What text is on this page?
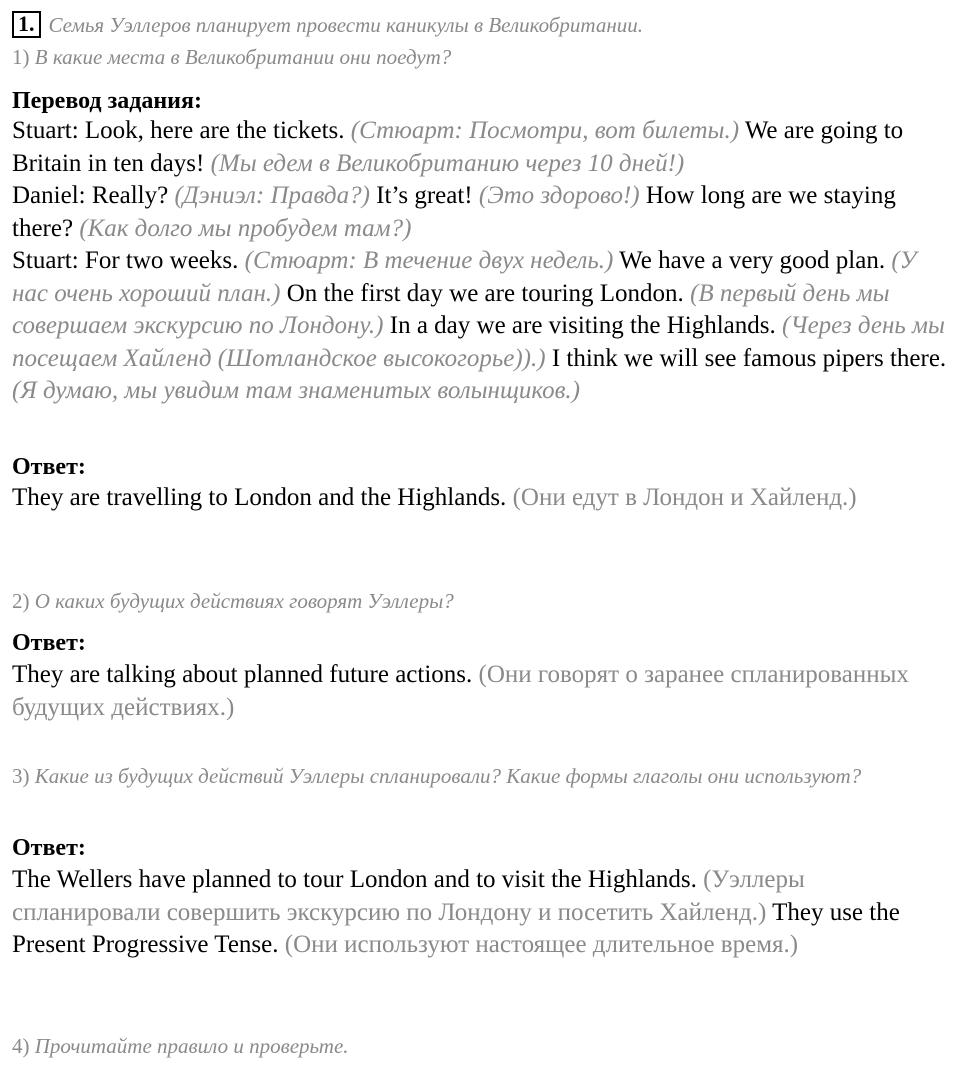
1. Семья Уэллеров планирует провести каникулы в Великобритании.
1) В какие места в Великобритании они поедут?
Перевод задания:
Stuart: Look, here are the tickets. (Стюарт: Посмотри, вот билеты.) We are going to Britain in ten days! (Мы едем в Великобританию через 10 дней!)
Daniel: Really? (Дэниэл: Правда?) It’s great! (Это здорово!) How long are we staying there? (Как долго мы пробудем там?)
Stuart: For two weeks. (Стюарт: В течение двух недель.) We have a very good plan. (У нас очень хороший план.) On the first day we are touring London. (В первый день мы совершаем экскурсию по Лондону.) In a day we are visiting the Highlands. (Через день мы посещаем Хайленд (Шотландское высокогорье)).) I think we will see famous pipers there. (Я думаю, мы увидим там знаменитых волынщиков.)
Ответ:
They are travelling to London and the Highlands. (Они едут в Лондон и Хайленд.)
2) О каких будущих действиях говорят Уэллеры?
Ответ:
They are talking about planned future actions. (Они говорят о заранее спланированных будущих действиях.)
3) Какие из будущих действий Уэллеры спланировали? Какие формы глаголы они используют?
Ответ:
The Wellers have planned to tour London and to visit the Highlands. (Уэллеры спланировали совершить экскурсию по Лондону и посетить Хайленд.) They use the Present Progressive Tense. (Они используют настоящее длительное время.)
4) Прочитайте правило и проверьте.
